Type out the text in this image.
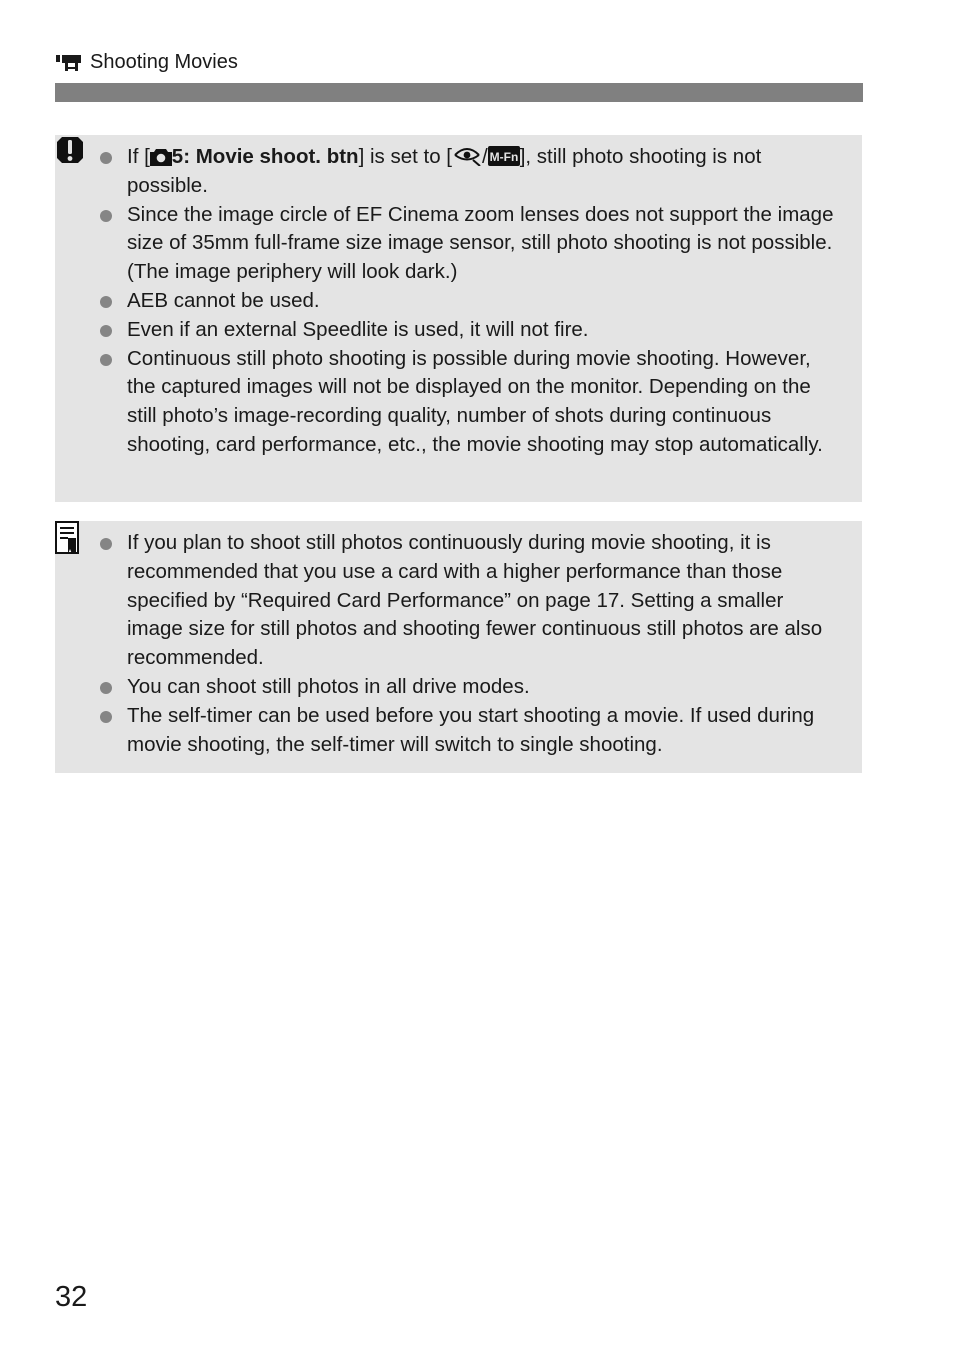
Shooting Movies
If [ 5: Movie shoot. btn] is set to [ / M-Fn ], still photo shooting is not possible.
Since the image circle of EF Cinema zoom lenses does not support the image size of 35mm full-frame size image sensor, still photo shooting is not possible. (The image periphery will look dark.)
AEB cannot be used.
Even if an external Speedlite is used, it will not fire.
Continuous still photo shooting is possible during movie shooting. However, the captured images will not be displayed on the monitor. Depending on the still photo’s image-recording quality, number of shots during continuous shooting, card performance, etc., the movie shooting may stop automatically.
If you plan to shoot still photos continuously during movie shooting, it is recommended that you use a card with a higher performance than those specified by “Required Card Performance” on page 17. Setting a smaller image size for still photos and shooting fewer continuous still photos are also recommended.
You can shoot still photos in all drive modes.
The self-timer can be used before you start shooting a movie. If used during movie shooting, the self-timer will switch to single shooting.
32
